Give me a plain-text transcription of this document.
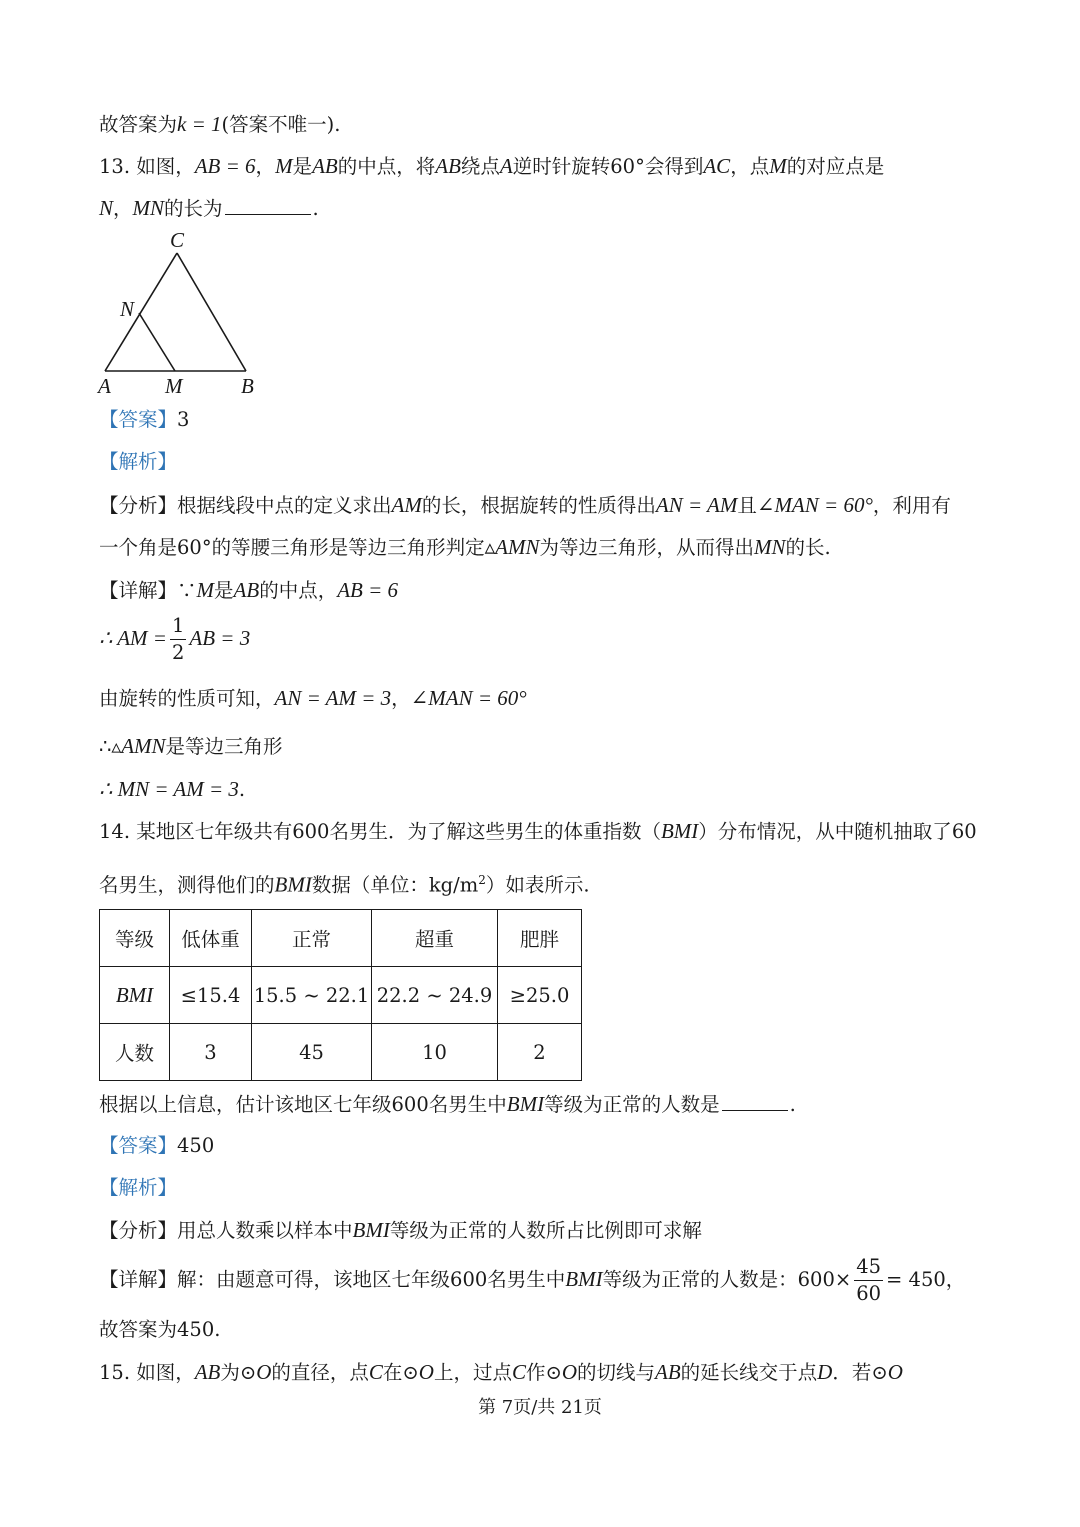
故答案为k = 1(答案不唯一).
13. 如图，AB = 6，M是AB的中点，将AB绕点A逆时针旋转60°会得到AC，点M的对应点是
N，MN的长为	.
C
N
A	M	B
【答案】3
【解析】
【分析】根据线段中点的定义求出AM的长，根据旋转的性质得出AN = AM且∠MAN = 60°，利用有
一个角是60°的等腰三角形是等边三角形判定▵AMN为等边三角形，从而得出MN的长.
【详解】∵M是AB的中点，AB = 6
∴ AM = $\frac{1}{2}$ AB = 3
由旋转的性质可知，AN = AM = 3，∠MAN = 60°
∴▵AMN是等边三角形
∴ MN = AM = 3.
14. 某地区七年级共有600名男生．为了解这些男生的体重指数（BMI）分布情况，从中随机抽取了60
名男生，测得他们的BMI数据（单位：$kg/m^2$）如表所示.
等级	低体重	正常	超重	肥胖
BMI	≤15.4	15.5 ~ 22.1	22.2 ~ 24.9	≥25.0
人数	3	45	10	2
根据以上信息，估计该地区七年级600名男生中BMI等级为正常的人数是	.
【答案】450
【解析】
【分析】用总人数乘以样本中BMI等级为正常的人数所占比例即可求解
【详解】解：由题意可得，该地区七年级600名男生中BMI等级为正常的人数是：$600\times \frac{45}{60} = 450$，
故答案为450.
15. 如图，AB为⊙O的直径，点C在⊙O上，过点C作⊙O的切线与AB的延长线交于点D．若⊙O
第 7页/共 21页
